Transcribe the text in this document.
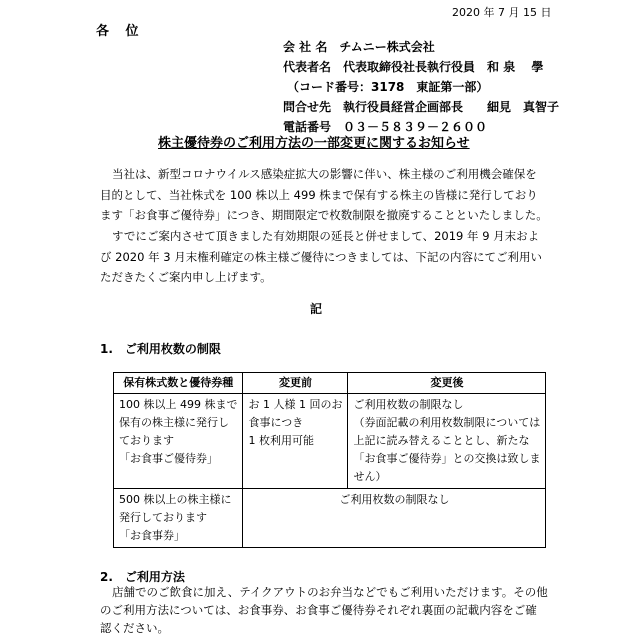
2020 年 7 月 15 日
各 位
会 社 名　 チムニー株式会社
代表者名　 代表取締役社長執行役員　和 泉　 學
（コード番号：3178　東証第一部）
問合せ先　 執行役員経営企画部長　　細見　真智子
電話番号　 ０３－５８３９－２６００
株主優待券のご利用方法の一部変更に関するお知らせ
当社は、新型コロナウイルス感染症拡大の影響に伴い、株主様のご利用機会確保を目的として、当社株式を 100 株以上 499 株まで保有する株主の皆様に発行しております「お食事ご優待券」につき、期間限定で枚数制限を撤廃することといたしました。
すでにご案内させて頂きました有効期限の延長と併せまして、2019 年 9 月末および 2020 年 3 月末権利確定の株主様ご優待につきましては、下記の内容にてご利用いただきたくご案内申し上げます。
記
1.　ご利用枚数の制限
保有株式数と優待券種	変更前	変更後

100 株以上 499 株まで
保有の株主様に発行し
ております
「お食事ご優待券」	お 1 人様 1 回のお
食事につき
1 枚利用可能	ご利用枚数の制限なし
（券面記載の利用枚数制限については
上記に読み替えることとし、新たな
「お食事ご優待券」との交換は致しま
せん）

500 株以上の株主様に
発行しております
「お食事券」	ご利用枚数の制限なし	
2.　ご利用方法
店舗でのご飲食に加え、テイクアウトのお弁当などでもご利用いただけます。その他のご利用方法については、お食事券、お食事ご優待券それぞれ裏面の記載内容をご確認ください。
